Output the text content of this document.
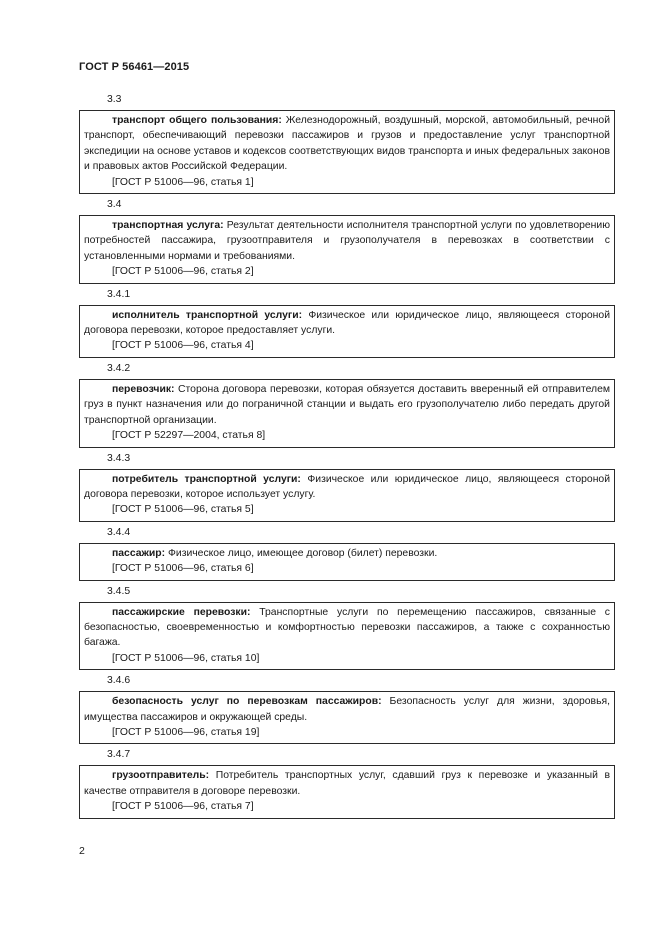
ГОСТ Р 56461—2015

3.3

транспорт общего пользования: Железнодорожный, воздушный, морской, автомобильный, речной транспорт, обеспечивающий перевозки пассажиров и грузов и предоставление услуг транспортной экспедиции на основе уставов и кодексов соответствующих видов транспорта и иных федеральных законов и правовых актов Российской Федерации.

[ГОСТ Р 51006—96, статья 1]

3.4

транспортная услуга: Результат деятельности исполнителя транспортной услуги по удовлетворению потребностей пассажира, грузоотправителя и грузополучателя в перевозках в соответствии с установленными нормами и требованиями.

[ГОСТ Р 51006—96, статья 2]

3.4.1

исполнитель транспортной услуги: Физическое или юридическое лицо, являющееся стороной договора перевозки, которое предоставляет услуги.

[ГОСТ Р 51006—96, статья 4]

3.4.2

перевозчик: Сторона договора перевозки, которая обязуется доставить вверенный ей отправителем груз в пункт назначения или до пограничной станции и выдать его грузополучателю либо передать другой транспортной организации.

[ГОСТ Р 52297—2004, статья 8]

3.4.3

потребитель транспортной услуги: Физическое или юридическое лицо, являющееся стороной договора перевозки, которое использует услугу.

[ГОСТ Р 51006—96, статья 5]

3.4.4

пассажир: Физическое лицо, имеющее договор (билет) перевозки.

[ГОСТ Р 51006—96, статья 6]

3.4.5

пассажирские перевозки: Транспортные услуги по перемещению пассажиров, связанные с безопасностью, своевременностью и комфортностью перевозки пассажиров, а также с сохранностью багажа.

[ГОСТ Р 51006—96, статья 10]

3.4.6

безопасность услуг по перевозкам пассажиров: Безопасность услуг для жизни, здоровья, имущества пассажиров и окружающей среды.

[ГОСТ Р 51006—96, статья 19]

3.4.7

грузоотправитель: Потребитель транспортных услуг, сдавший груз к перевозке и указанный в качестве отправителя в договоре перевозки.

[ГОСТ Р 51006—96, статья 7]

2
